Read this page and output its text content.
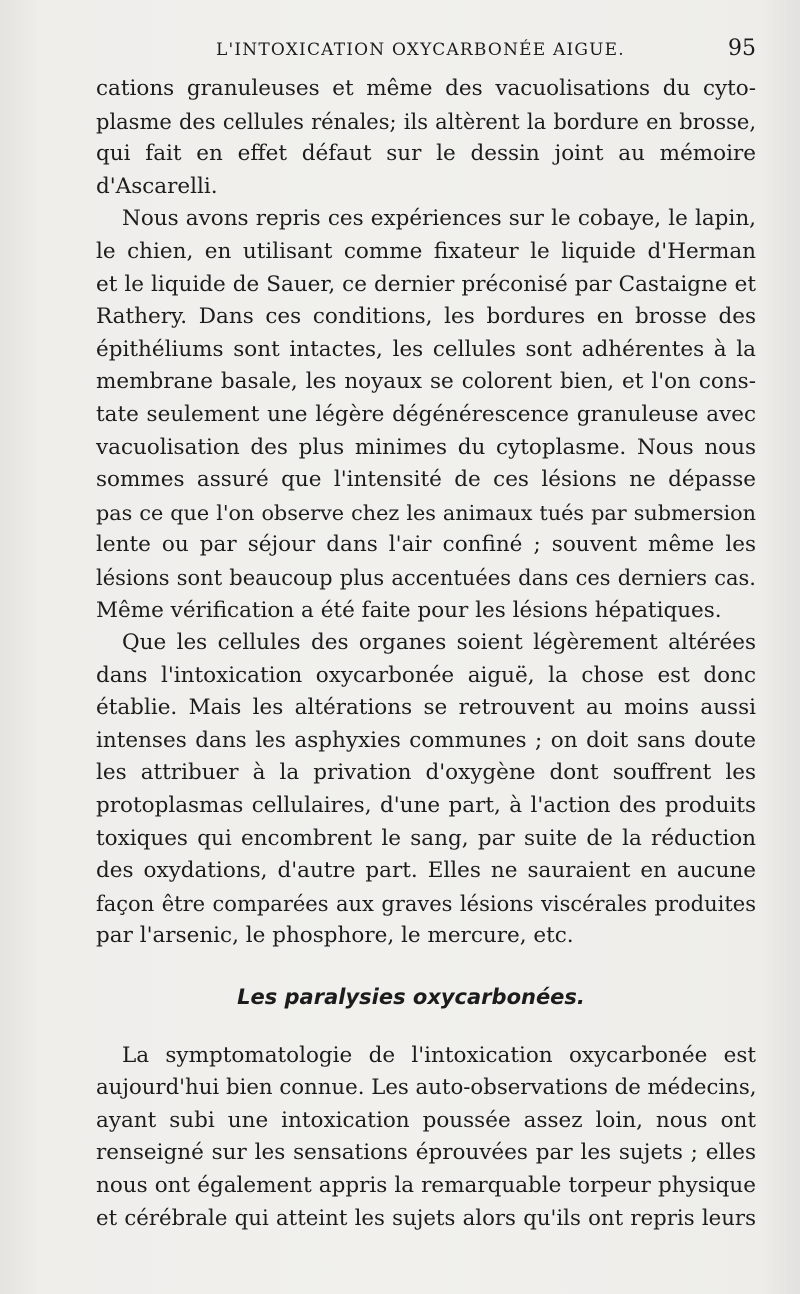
L'INTOXICATION OXYCARBONÉE AIGUE.	95
cations granuleuses et même des vacuolisations du cyto-
plasme des cellules rénales; ils altèrent la bordure en brosse,
qui fait en effet défaut sur le dessin joint au mémoire
d'Ascarelli.
Nous avons repris ces expériences sur le cobaye, le lapin,
le chien, en utilisant comme fixateur le liquide d'Herman
et le liquide de Sauer, ce dernier préconisé par Castaigne et
Rathery. Dans ces conditions, les bordures en brosse des
épithéliums sont intactes, les cellules sont adhérentes à la
membrane basale, les noyaux se colorent bien, et l'on cons-
tate seulement une légère dégénérescence granuleuse avec
vacuolisation des plus minimes du cytoplasme. Nous nous
sommes assuré que l'intensité de ces lésions ne dépasse
pas ce que l'on observe chez les animaux tués par submersion
lente ou par séjour dans l'air confiné ; souvent même les
lésions sont beaucoup plus accentuées dans ces derniers cas.
Même vérification a été faite pour les lésions hépatiques.
Que les cellules des organes soient légèrement altérées
dans l'intoxication oxycarbonée aiguë, la chose est donc
établie. Mais les altérations se retrouvent au moins aussi
intenses dans les asphyxies communes ; on doit sans doute
les attribuer à la privation d'oxygène dont souffrent les
protoplasmas cellulaires, d'une part, à l'action des produits
toxiques qui encombrent le sang, par suite de la réduction
des oxydations, d'autre part. Elles ne sauraient en aucune
façon être comparées aux graves lésions viscérales produites
par l'arsenic, le phosphore, le mercure, etc.
Les paralysies oxycarbonées.
La symptomatologie de l'intoxication oxycarbonée est
aujourd'hui bien connue. Les auto-observations de médecins,
ayant subi une intoxication poussée assez loin, nous ont
renseigné sur les sensations éprouvées par les sujets ; elles
nous ont également appris la remarquable torpeur physique
et cérébrale qui atteint les sujets alors qu'ils ont repris leurs
